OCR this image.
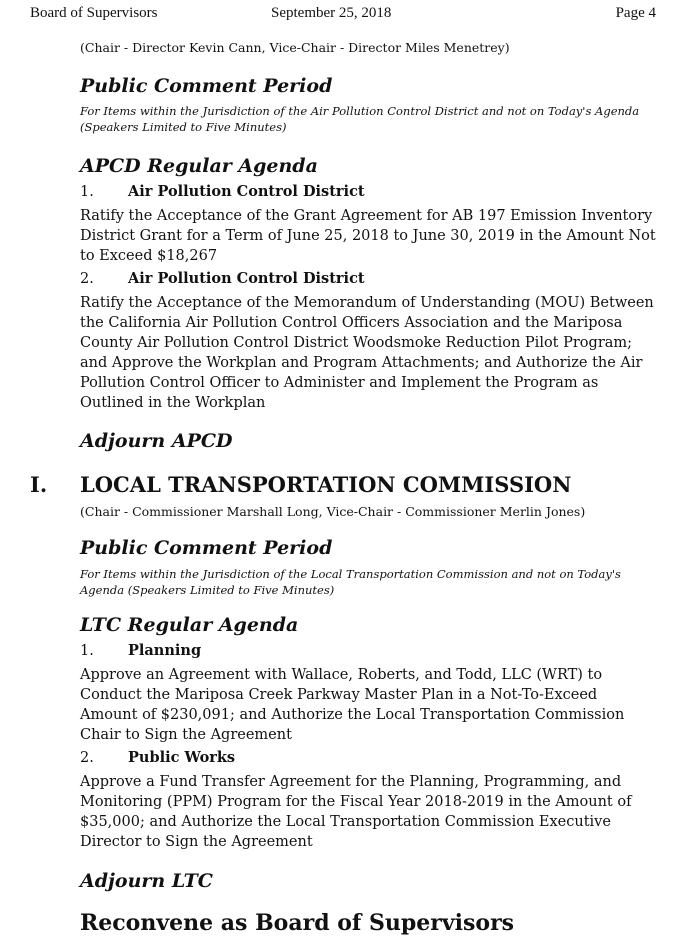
Board of Supervisors	September 25, 2018	Page 4
(Chair - Director Kevin Cann, Vice-Chair - Director Miles Menetrey)
Public Comment Period

For Items within the Jurisdiction of the Air Pollution Control District and not on Today's Agenda (Speakers Limited to Five Minutes)

APCD Regular Agenda
1. Air Pollution Control District

Ratify the Acceptance of the Grant Agreement for AB 197 Emission Inventory District Grant for a Term of June 25, 2018 to June 30, 2019 in the Amount Not to Exceed $18,267

2. Air Pollution Control District

Ratify the Acceptance of the Memorandum of Understanding (MOU) Between the California Air Pollution Control Officers Association and the Mariposa County Air Pollution Control District Woodsmoke Reduction Pilot Program; and Approve the Workplan and Program Attachments; and Authorize the Air Pollution Control Officer to Administer and Implement the Program as Outlined in the Workplan

Adjourn APCD
I. LOCAL TRANSPORTATION COMMISSION
(Chair - Commissioner Marshall Long, Vice-Chair - Commissioner Merlin Jones)
Public Comment Period

For Items within the Jurisdiction of the Local Transportation Commission and not on Today's Agenda (Speakers Limited to Five Minutes)

LTC Regular Agenda
1. Planning

Approve an Agreement with Wallace, Roberts, and Todd, LLC (WRT) to Conduct the Mariposa Creek Parkway Master Plan in a Not-To-Exceed Amount of $230,091; and Authorize the Local Transportation Commission Chair to Sign the Agreement

2. Public Works

Approve a Fund Transfer Agreement for the Planning, Programming, and Monitoring (PPM) Program for the Fiscal Year 2018-2019 in the Amount of $35,000; and Authorize the Local Transportation Commission Executive Director to Sign the Agreement

Adjourn LTC
Reconvene as Board of Supervisors
